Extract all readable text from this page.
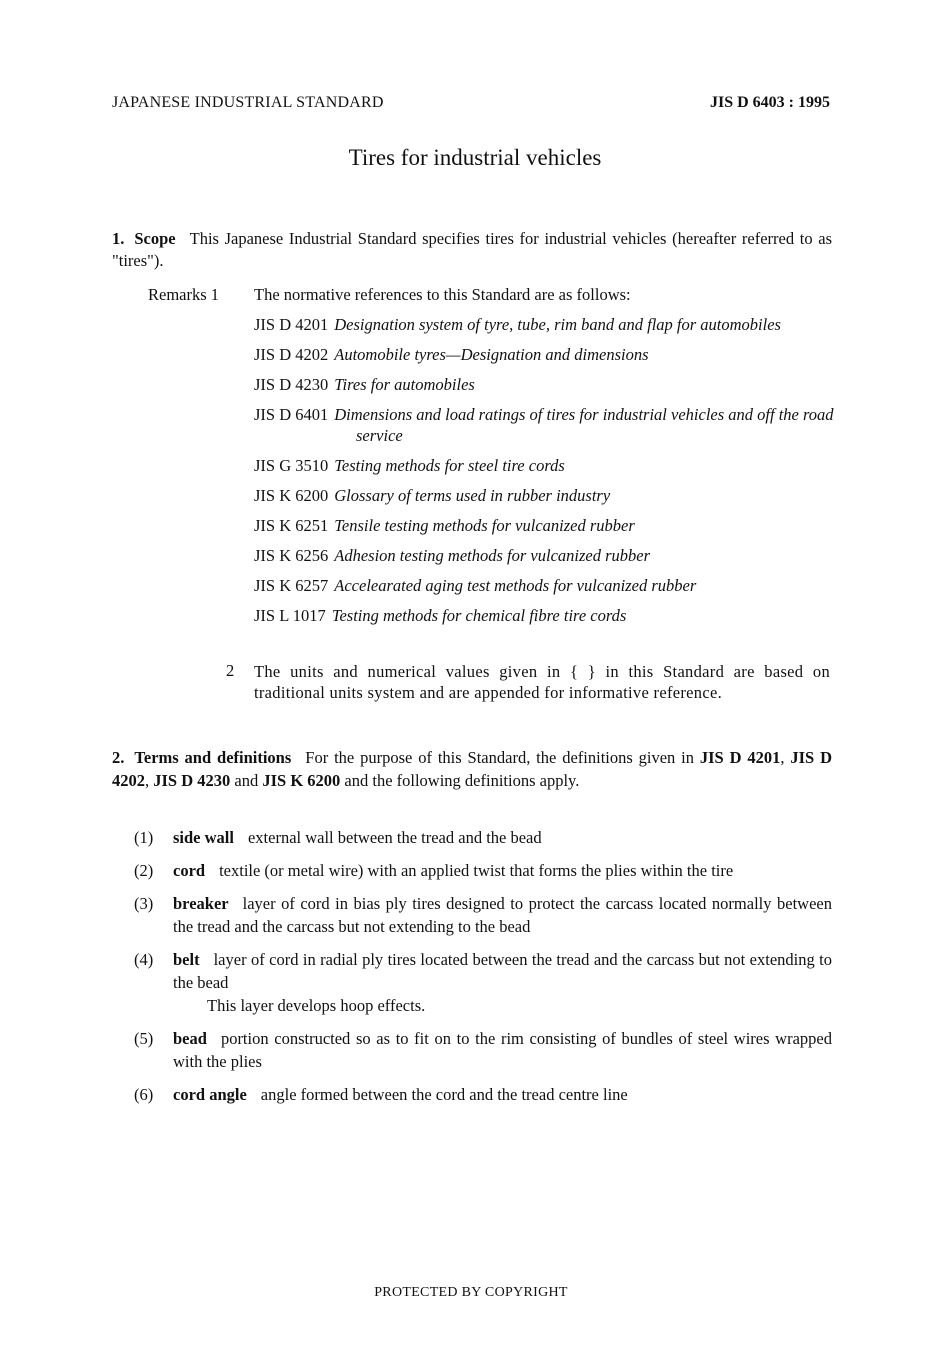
JAPANESE INDUSTRIAL STANDARD	JIS D 6403 : 1995
Tires for industrial vehicles
1. Scope This Japanese Industrial Standard specifies tires for industrial vehicles (hereafter referred to as "tires").
Remarks 1 The normative references to this Standard are as follows:
JIS D 4201 Designation system of tyre, tube, rim band and flap for automobiles
JIS D 4202 Automobile tyres—Designation and dimensions
JIS D 4230 Tires for automobiles
JIS D 6401 Dimensions and load ratings of tires for industrial vehicles and off the road service
JIS G 3510 Testing methods for steel tire cords
JIS K 6200 Glossary of terms used in rubber industry
JIS K 6251 Tensile testing methods for vulcanized rubber
JIS K 6256 Adhesion testing methods for vulcanized rubber
JIS K 6257 Accelearated aging test methods for vulcanized rubber
JIS L 1017 Testing methods for chemical fibre tire cords
2 The units and numerical values given in { } in this Standard are based on traditional units system and are appended for informative reference.
2. Terms and definitions For the purpose of this Standard, the definitions given in JIS D 4201, JIS D 4202, JIS D 4230 and JIS K 6200 and the following definitions apply.
(1) side wall external wall between the tread and the bead
(2) cord textile (or metal wire) with an applied twist that forms the plies within the tire
(3) breaker layer of cord in bias ply tires designed to protect the carcass located normally between the tread and the carcass but not extending to the bead
(4) belt layer of cord in radial ply tires located between the tread and the carcass but not extending to the bead
This layer develops hoop effects.
(5) bead portion constructed so as to fit on to the rim consisting of bundles of steel wires wrapped with the plies
(6) cord angle angle formed between the cord and the tread centre line
PROTECTED BY COPYRIGHT
